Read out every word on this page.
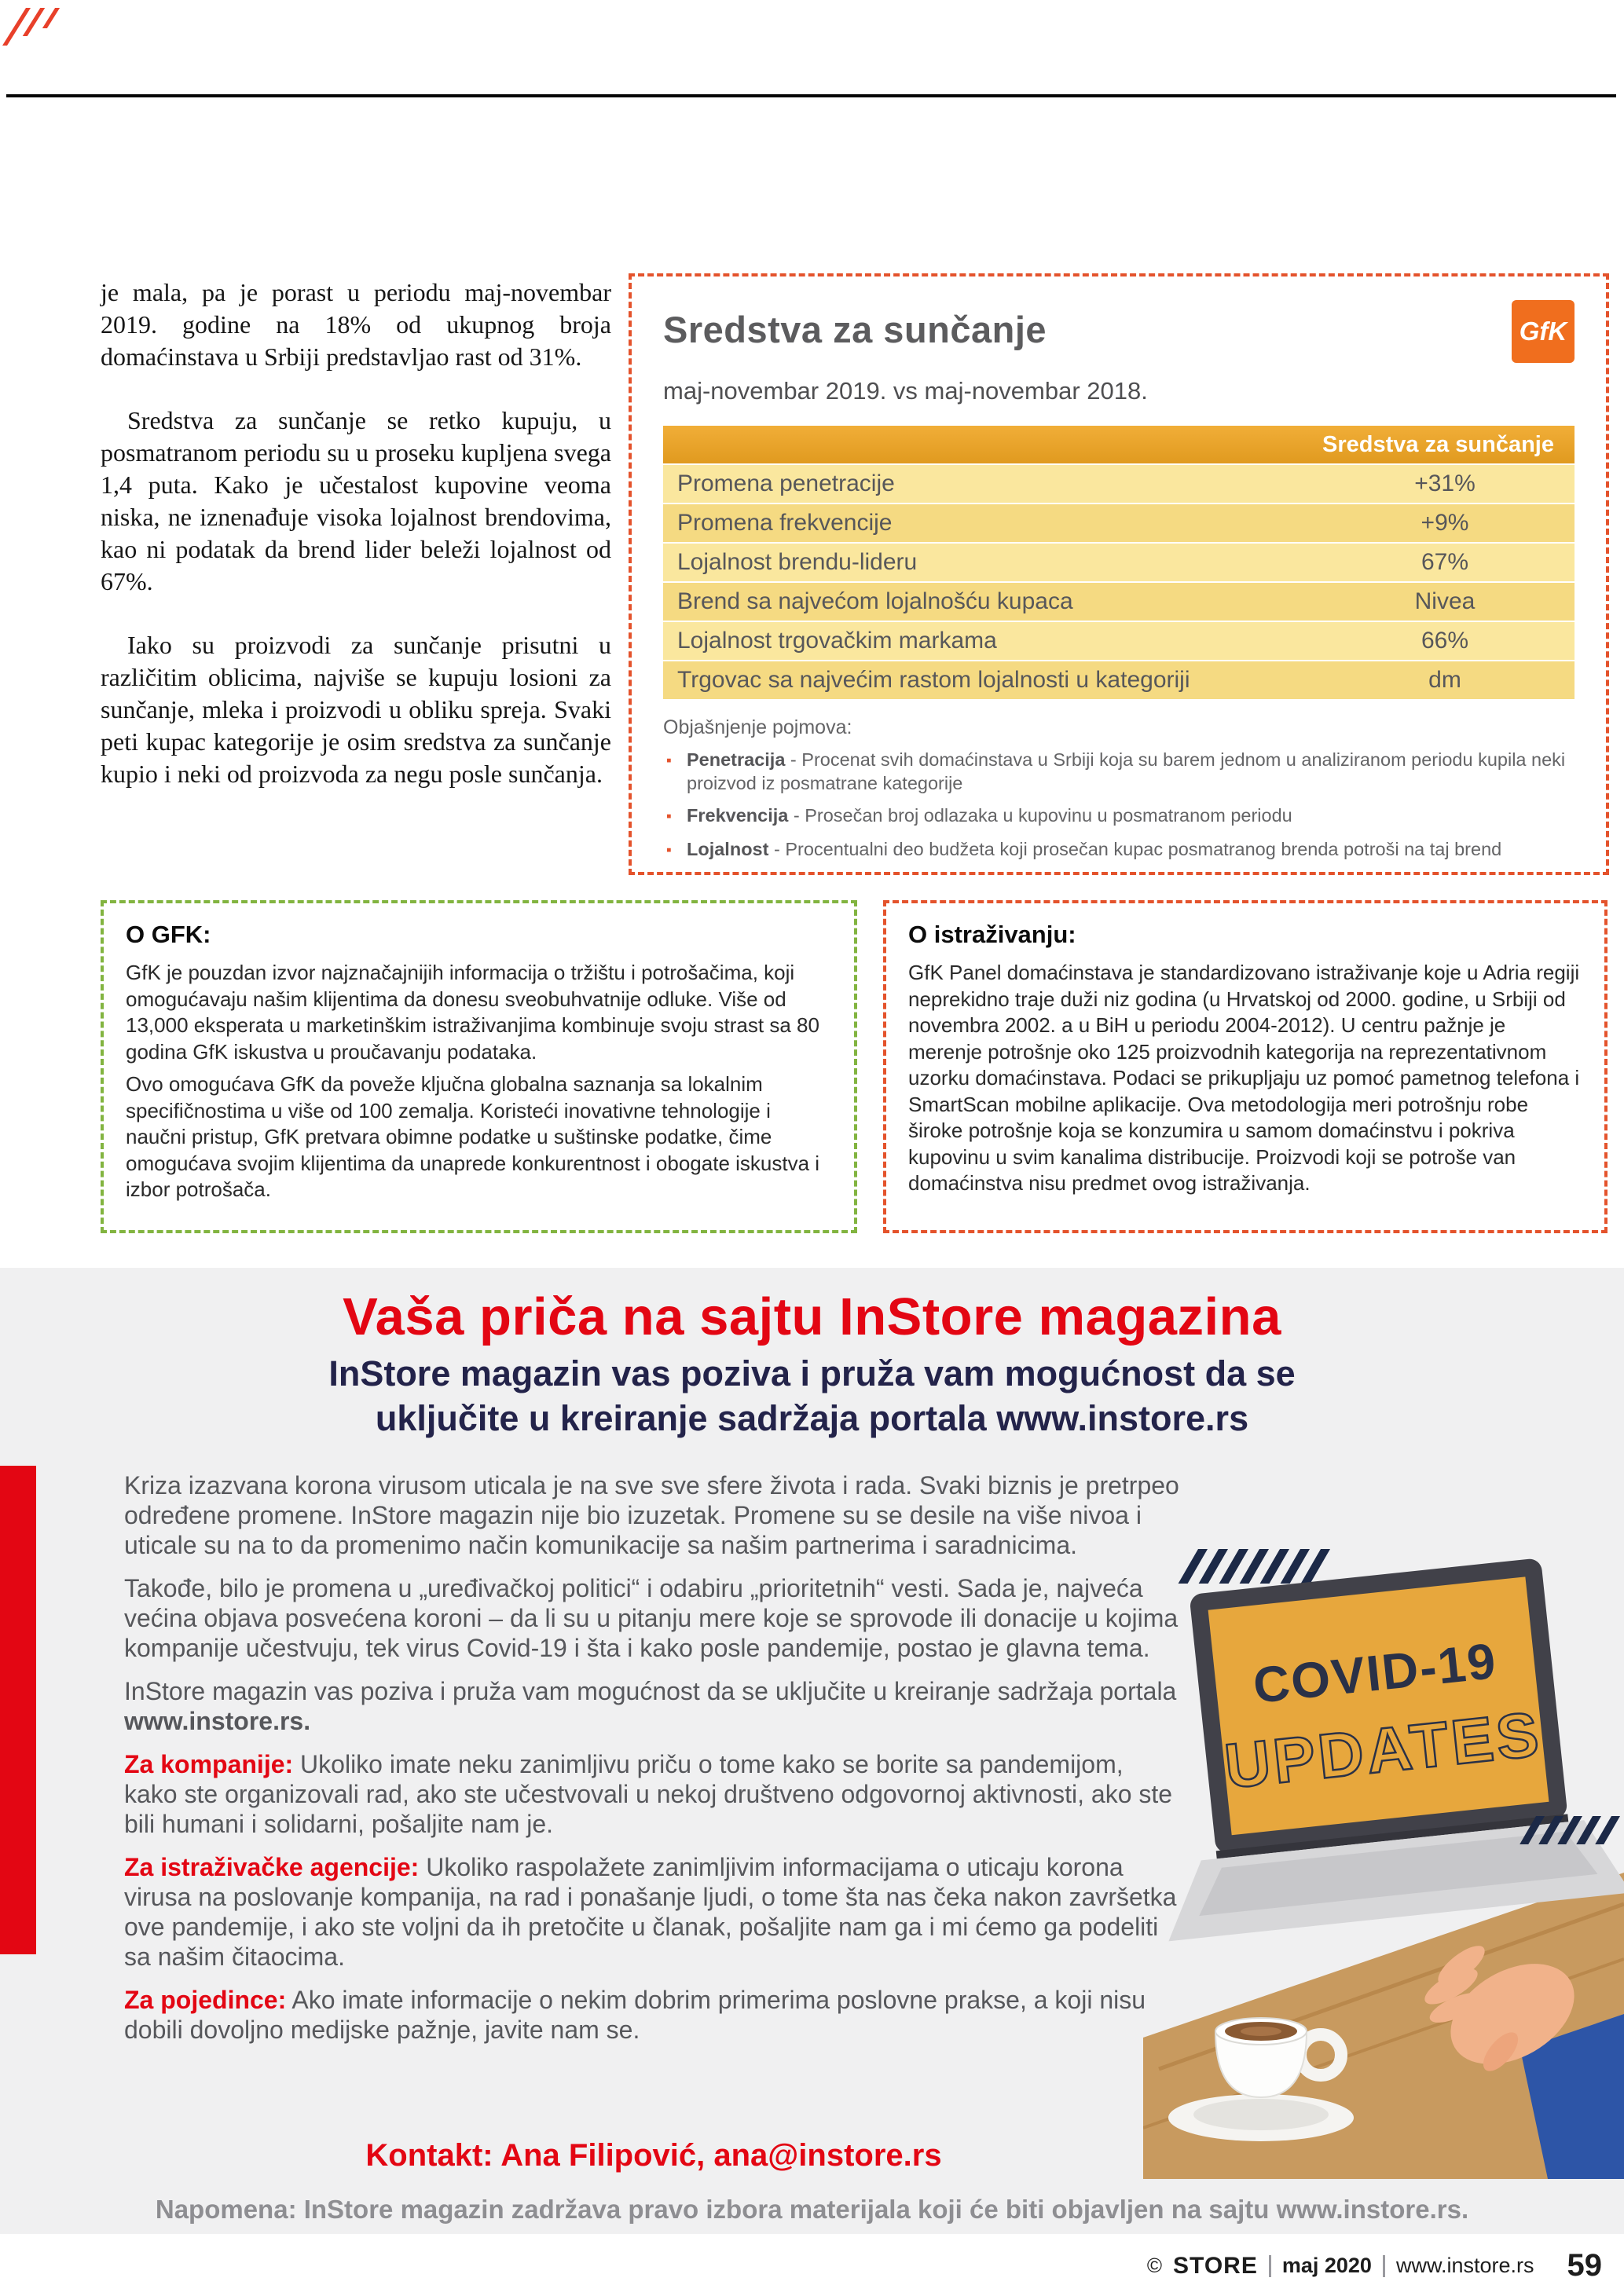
je mala, pa je porast u periodu maj-novembar 2019. godine na 18% od ukupnog broja domaćinstava u Srbiji predstavljao rast od 31%.

Sredstva za sunčanje se retko kupuju, u posmatranom periodu su u proseku kupljena svega 1,4 puta. Kako je učestalost kupovine veoma niska, ne iznenađuje visoka lojalnost brendovima, kao ni podatak da brend lider beleži lojalnost od 67%.

Iako su proizvodi za sunčanje prisutni u različitim oblicima, najviše se kupuju losioni za sunčanje, mleka i proizvodi u obliku spreja. Svaki peti kupac kategorije je osim sredstva za sunčanje kupio i neki od proizvoda za negu posle sunčanja.

Sredstva za sunčanje	GfK
maj-novembar 2019. vs maj-novembar 2018.
Sredstva za sunčanje
Promena penetracije	+31%
Promena frekvencije	+9%
Lojalnost brendu-lideru	67%
Brend sa najvećom lojalnošću kupaca	Nivea
Lojalnost trgovačkim markama	66%
Trgovac sa najvećim rastom lojalnosti u kategoriji	dm
Objašnjenje pojmova:
▪ Penetracija - Procenat svih domaćinstava u Srbiji koja su barem jednom u analiziranom periodu kupila neki proizvod iz posmatrane kategorije
▪ Frekvencija - Prosečan broj odlazaka u kupovinu u posmatranom periodu
▪ Lojalnost - Procentualni deo budžeta koji prosečan kupac posmatranog brenda potroši na taj brend
O GFK:

GfK je pouzdan izvor najznačajnijih informacija o tržištu i potrošačima, koji omogućavaju našim klijentima da donesu sveobuhvatnije odluke. Više od 13,000 eksperata u marketinškim istraživanjima kombinuje svoju strast sa 80 godina GfK iskustva u proučavanju podataka.

Ovo omogućava GfK da poveže ključna globalna saznanja sa lokalnim specifičnostima u više od 100 zemalja. Koristeći inovativne tehnologije i naučni pristup, GfK pretvara obimne podatke u suštinske podatke, čime omogućava svojim klijentima da unaprede konkurentnost i obogate iskustva i izbor potrošača.

O istraživanju:

GfK Panel domaćinstava je standardizovano istraživanje koje u Adria regiji neprekidno traje duži niz godina (u Hrvatskoj od 2000. godine, u Srbiji od novembra 2002. a u BiH u periodu 2004-2012). U centru pažnje je merenje potrošnje oko 125 proizvodnih kategorija na reprezentativnom uzorku domaćinstava. Podaci se prikupljaju uz pomoć pametnog telefona i SmartScan mobilne aplikacije. Ova metodologija meri potrošnju robe široke potrošnje koja se konzumira u samom domaćinstvu i pokriva kupovinu u svim kanalima distribucije. Proizvodi koji se potroše van domaćinstva nisu predmet ovog istraživanja.

Vaša priča na sajtu InStore magazina
InStore magazin vas poziva i pruža vam mogućnost da se
uključite u kreiranje sadržaja portala www.instore.rs

Kriza izazvana korona virusom uticala je na sve sve sfere života i rada. Svaki biznis je pretrpeo određene promene. InStore magazin nije bio izuzetak. Promene su se desile na više nivoa i uticale su na to da promenimo način komunikacije sa našim partnerima i saradnicima.

Takođe, bilo je promena u „uređivačkoj politici“ i odabiru „prioritetnih“ vesti. Sada je, najveća većina objava posvećena koroni – da li su u pitanju mere koje se sprovode ili donacije u kojima kompanije učestvuju, tek virus Covid-19 i šta i kako posle pandemije, postao je glavna tema.

InStore magazin vas poziva i pruža vam mogućnost da se uključite u kreiranje sadržaja portala www.instore.rs.

Za kompanije: Ukoliko imate neku zanimljivu priču o tome kako se borite sa pandemijom, kako ste organizovali rad, ako ste učestvovali u nekoj društveno odgovornoj aktivnosti, ako ste bili humani i solidarni, pošaljite nam je.

Za istraživačke agencije: Ukoliko raspolažete zanimljivim informacijama o uticaju korona virusa na poslovanje kompanija, na rad i ponašanje ljudi, o tome šta nas čeka nakon završetka ove pandemije, i ako ste voljni da ih pretočite u članak, pošaljite nam ga i mi ćemo ga podeliti sa našim čitaocima.

Za pojedince: Ako imate informacije o nekim dobrim primerima poslovne prakse, a koji nisu dobili dovoljno medijske pažnje, javite nam se.

Kontakt: Ana Filipović, ana@instore.rs
Napomena: InStore magazin zadržava pravo izbora materijala koji će biti objavljen na sajtu www.instore.rs.
COVID-19
UPDATES
© STORE maj 2020 www.instore.rs 59
